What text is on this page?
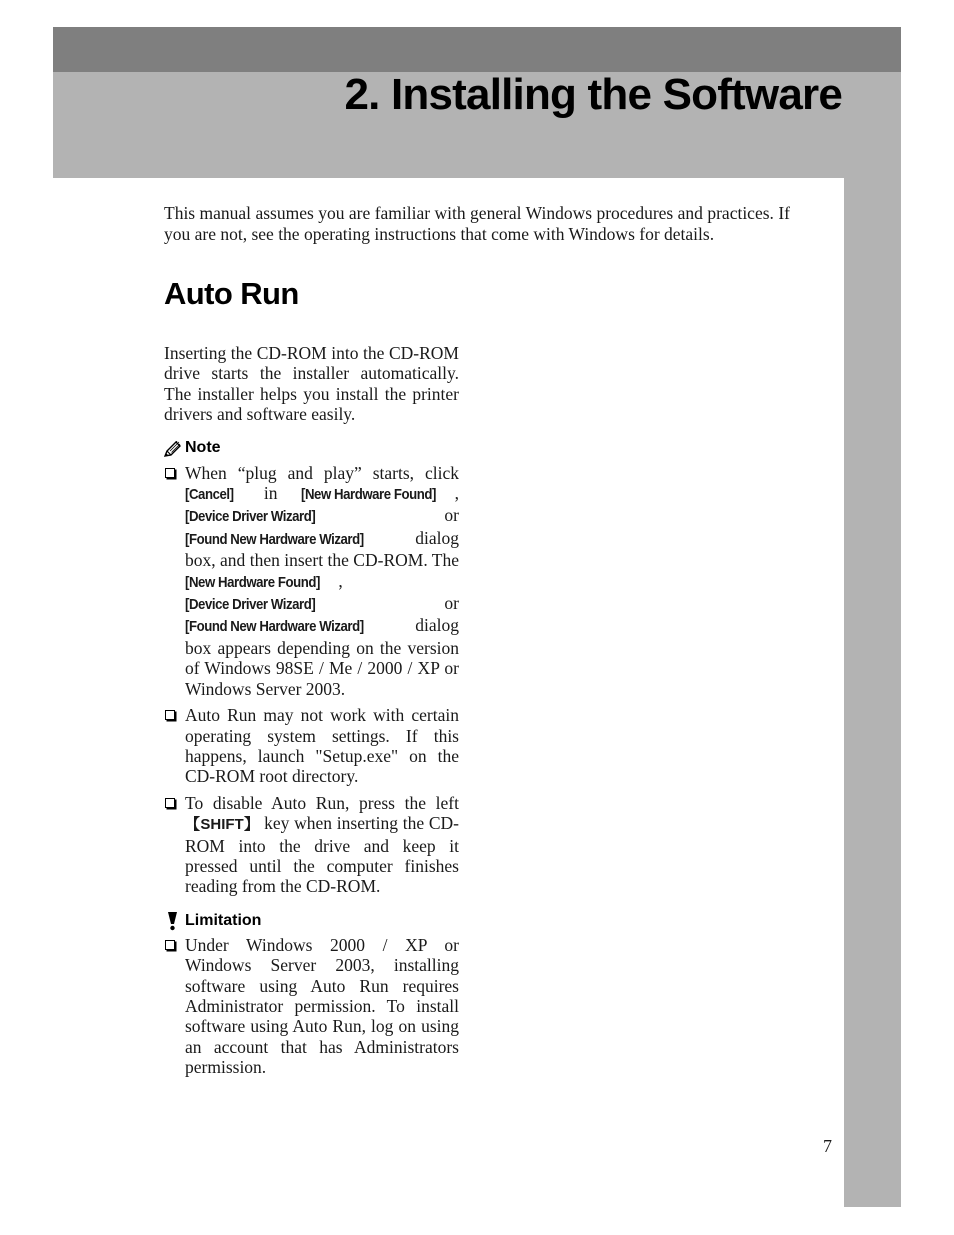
2. Installing the Software

This manual assumes you are familiar with general Windows procedures and practices. If you are not, see the operating instructions that come with Windows for details.

Auto Run

Inserting the CD-ROM into the CD-ROM drive starts the installer automatically. The installer helps you install the printer drivers and software easily.

Note
When “plug and play” starts, click [Cancel] in [New Hardware Found] , [Device Driver Wizard] or [Found New Hardware Wizard] dialog box, and then insert the CD-ROM. The [New Hardware Found] , [Device Driver Wizard] or [Found New Hardware Wizard] dialog box appears depending on the version of Windows 98SE / Me / 2000 / XP or Windows Server 2003.
Auto Run may not work with certain operating system settings. If this happens, launch "Setup.exe" on the CD-ROM root directory.
To disable Auto Run, press the left 【SHIFT】 key when inserting the CD-ROM into the drive and keep it pressed until the computer finishes reading from the CD-ROM.
Limitation
Under Windows 2000 / XP or Windows Server 2003, installing software using Auto Run requires Administrator permission. To install software using Auto Run, log on using an account that has Administrators permission.
7
